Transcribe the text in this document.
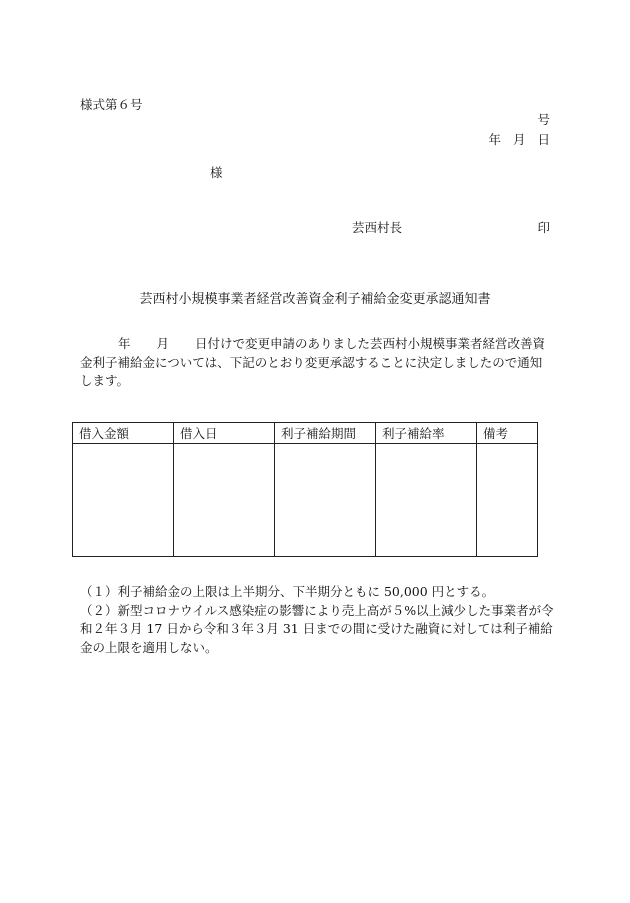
様式第６号
号
年 月 日
様
芸西村長	印
芸西村小規模事業者経営改善資金利子補給金変更承認通知書
年 月 日付けで変更申請のありました芸西村小規模事業者経営改善資金利子補給金については、下記のとおり変更承認することに決定しましたので通知します。
借入金額	借入日	利子補給期間	利子補給率	備考

（１）利子補給金の上限は上半期分、下半期分ともに 50,000 円とする。

（２）新型コロナウイルス感染症の影響により売上高が５%以上減少した事業者が令和２年３月 17 日から令和３年３月 31 日までの間に受けた融資に対しては利子補給金の上限を適用しない。
